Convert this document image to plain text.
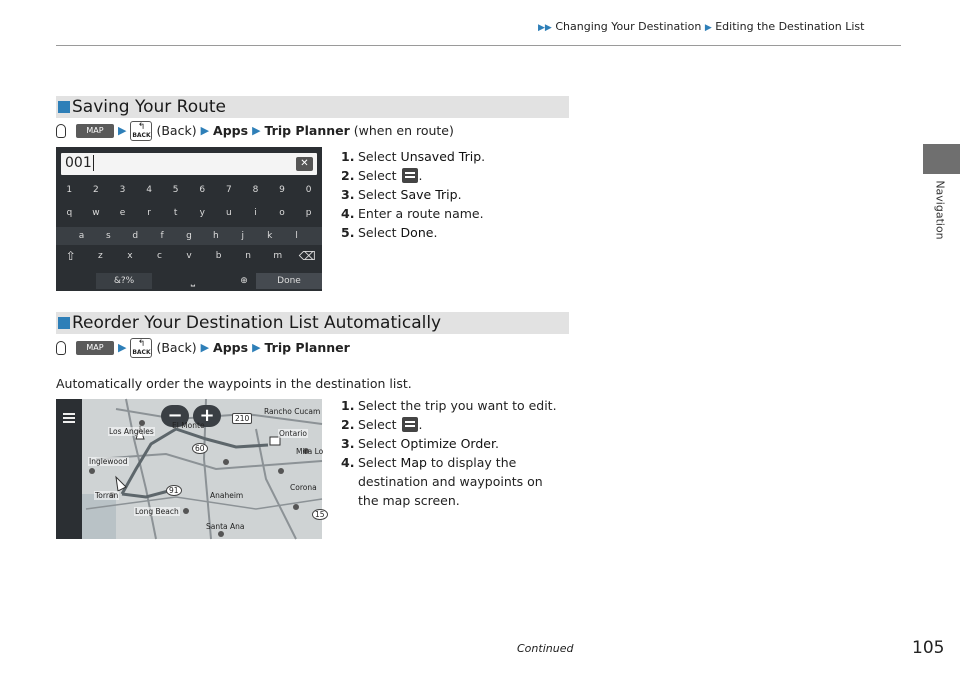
▶▶ Changing Your Destination ▶ Editing the Destination List
Navigation
Saving Your Route
MAP	▶ ↰
BACK (Back) ▶ Apps ▶ Trip Planner (when en route)
001	✕
1	2	3	4	5	6	7	8	9	0
q	w	e	r	t	y	u	i	o	p
a	s	d	f	g	h	j	k	l
⇧	z	x	c	v	b	n	m	⌫
&?%	⎵	⊕	Done
1. Select Unsaved Trip.
2. Select .
3. Select Save Trip.
4. Enter a route name.
5. Select Done.
Reorder Your Destination List Automatically
MAP	▶ ↰
BACK (Back) ▶ Apps ▶ Trip Planner
Automatically order the waypoints in the destination list.
− +	Rancho Cucam
Los Angeles
El Monte
Ontario
Inglewood
Mira Lo
Torran	Anaheim
Corona
Long Beach
Santa Ana
210
60
91
15
1. Select the trip you want to edit.
2. Select .
3. Select Optimize Order.
4. Select Map to display the destination and waypoints on the map screen.
Continued	105
